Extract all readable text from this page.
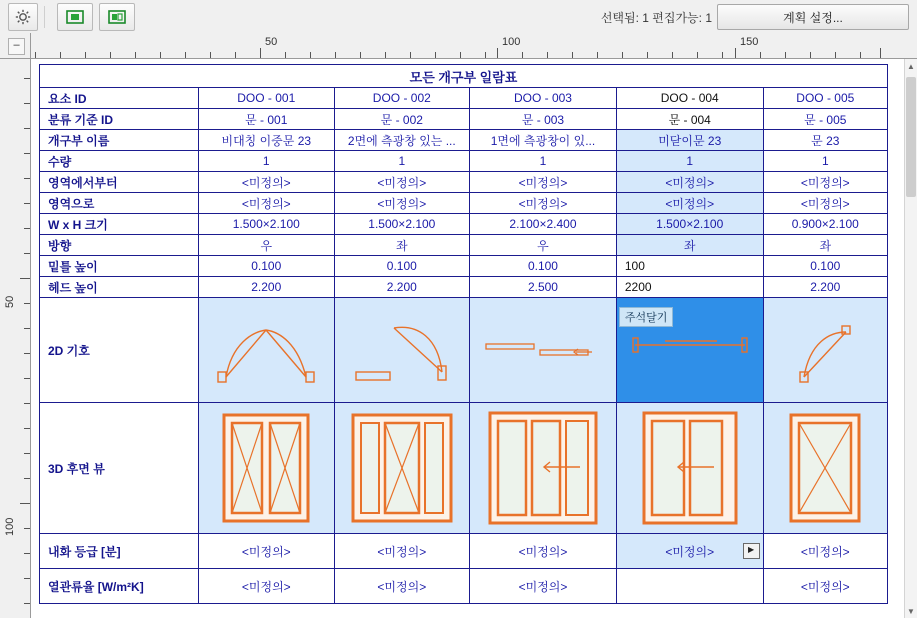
선택됨: 1 편집가능: 1	계획 설정...
–	50	100	150
50
100
모든 개구부 일람표					
요소 ID	DOO - 001	DOO - 002	DOO - 003	DOO - 004	DOO - 005
분류 기준 ID	문 - 001	문 - 002	문 - 003	문 - 004	문 - 005
개구부 이름	비대칭 이중문 23	2면에 측광창 있는 ...	1면에 측광창이 있...	미닫이문 23	문 23
수량	1	1	1	1	1
영역에서부터	<미정의>	<미정의>	<미정의>	<미정의>	<미정의>
영역으로	<미정의>	<미정의>	<미정의>	<미정의>	<미정의>
W x H 크기	1.500×2.100	1.500×2.100	2.100×2.400	1.500×2.100	0.900×2.100
방향	우	좌	우	좌	좌
밑틀 높이	0.100	0.100	0.100	100	0.100
헤드 높이	2.200	2.200	2.500	2200	2.200
2D 기호				주석달기

3D 후면 뷰	

내화 등급 [분]	<미정의>	<미정의>	<미정의>	<미정의> ▶	<미정의>
열관류율 [W/m²K]	<미정의>	<미정의>	<미정의>		<미정의>
▲
▼
